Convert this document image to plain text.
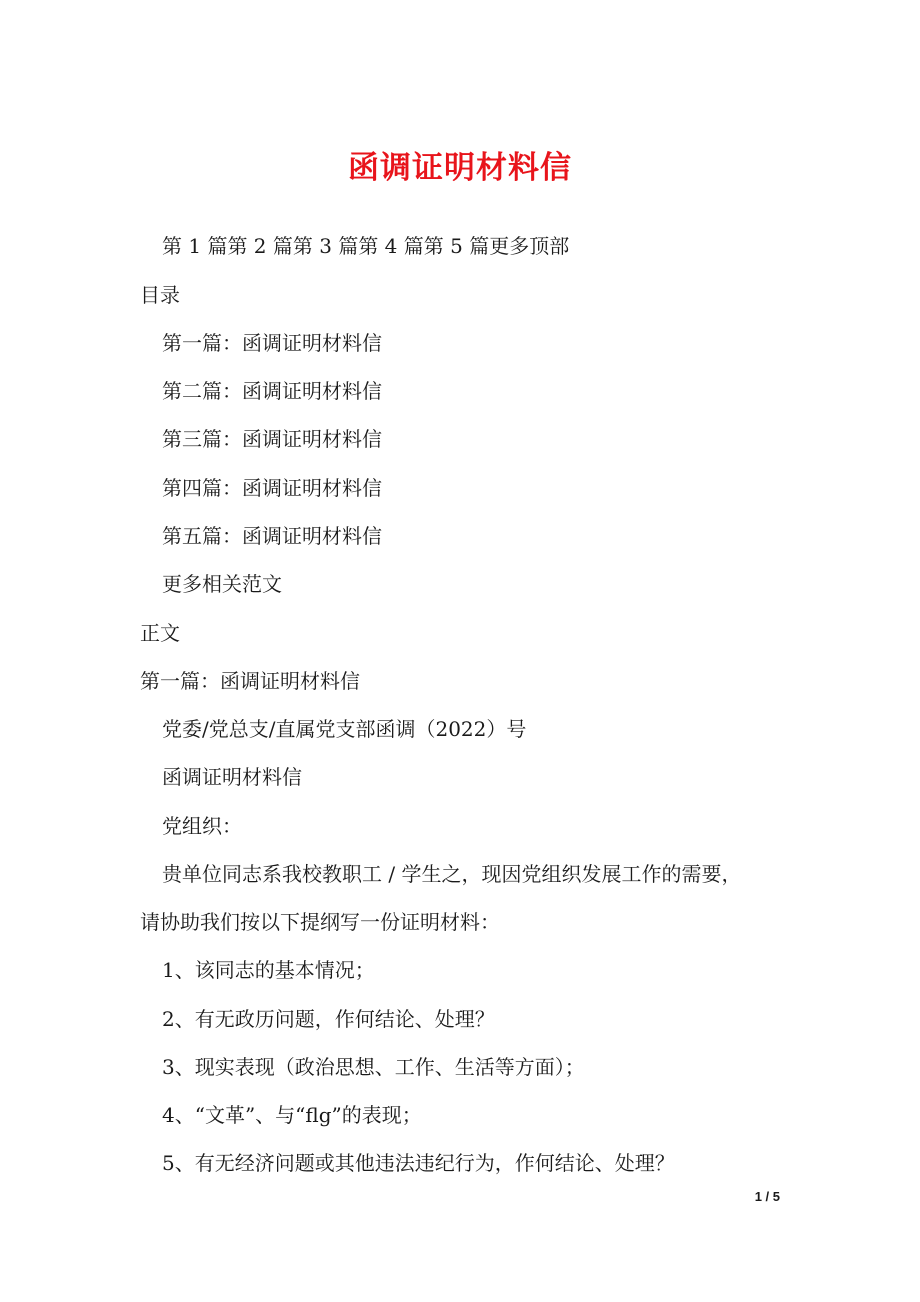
函调证明材料信
第 1 篇第 2 篇第 3 篇第 4 篇第 5 篇更多顶部
目录
第一篇：函调证明材料信
第二篇：函调证明材料信
第三篇：函调证明材料信
第四篇：函调证明材料信
第五篇：函调证明材料信
更多相关范文
正文
第一篇：函调证明材料信
党委/党总支/直属党支部函调（2022）号
函调证明材料信
党组织：
贵单位同志系我校教职工 / 学生之，现因党组织发展工作的需要，
请协助我们按以下提纲写一份证明材料：
1、该同志的基本情况；
2、有无政历问题，作何结论、处理？
3、现实表现（政治思想、工作、生活等方面）；
4、“文革”、与“flg”的表现；
5、有无经济问题或其他违法违纪行为，作何结论、处理？
1 / 5
